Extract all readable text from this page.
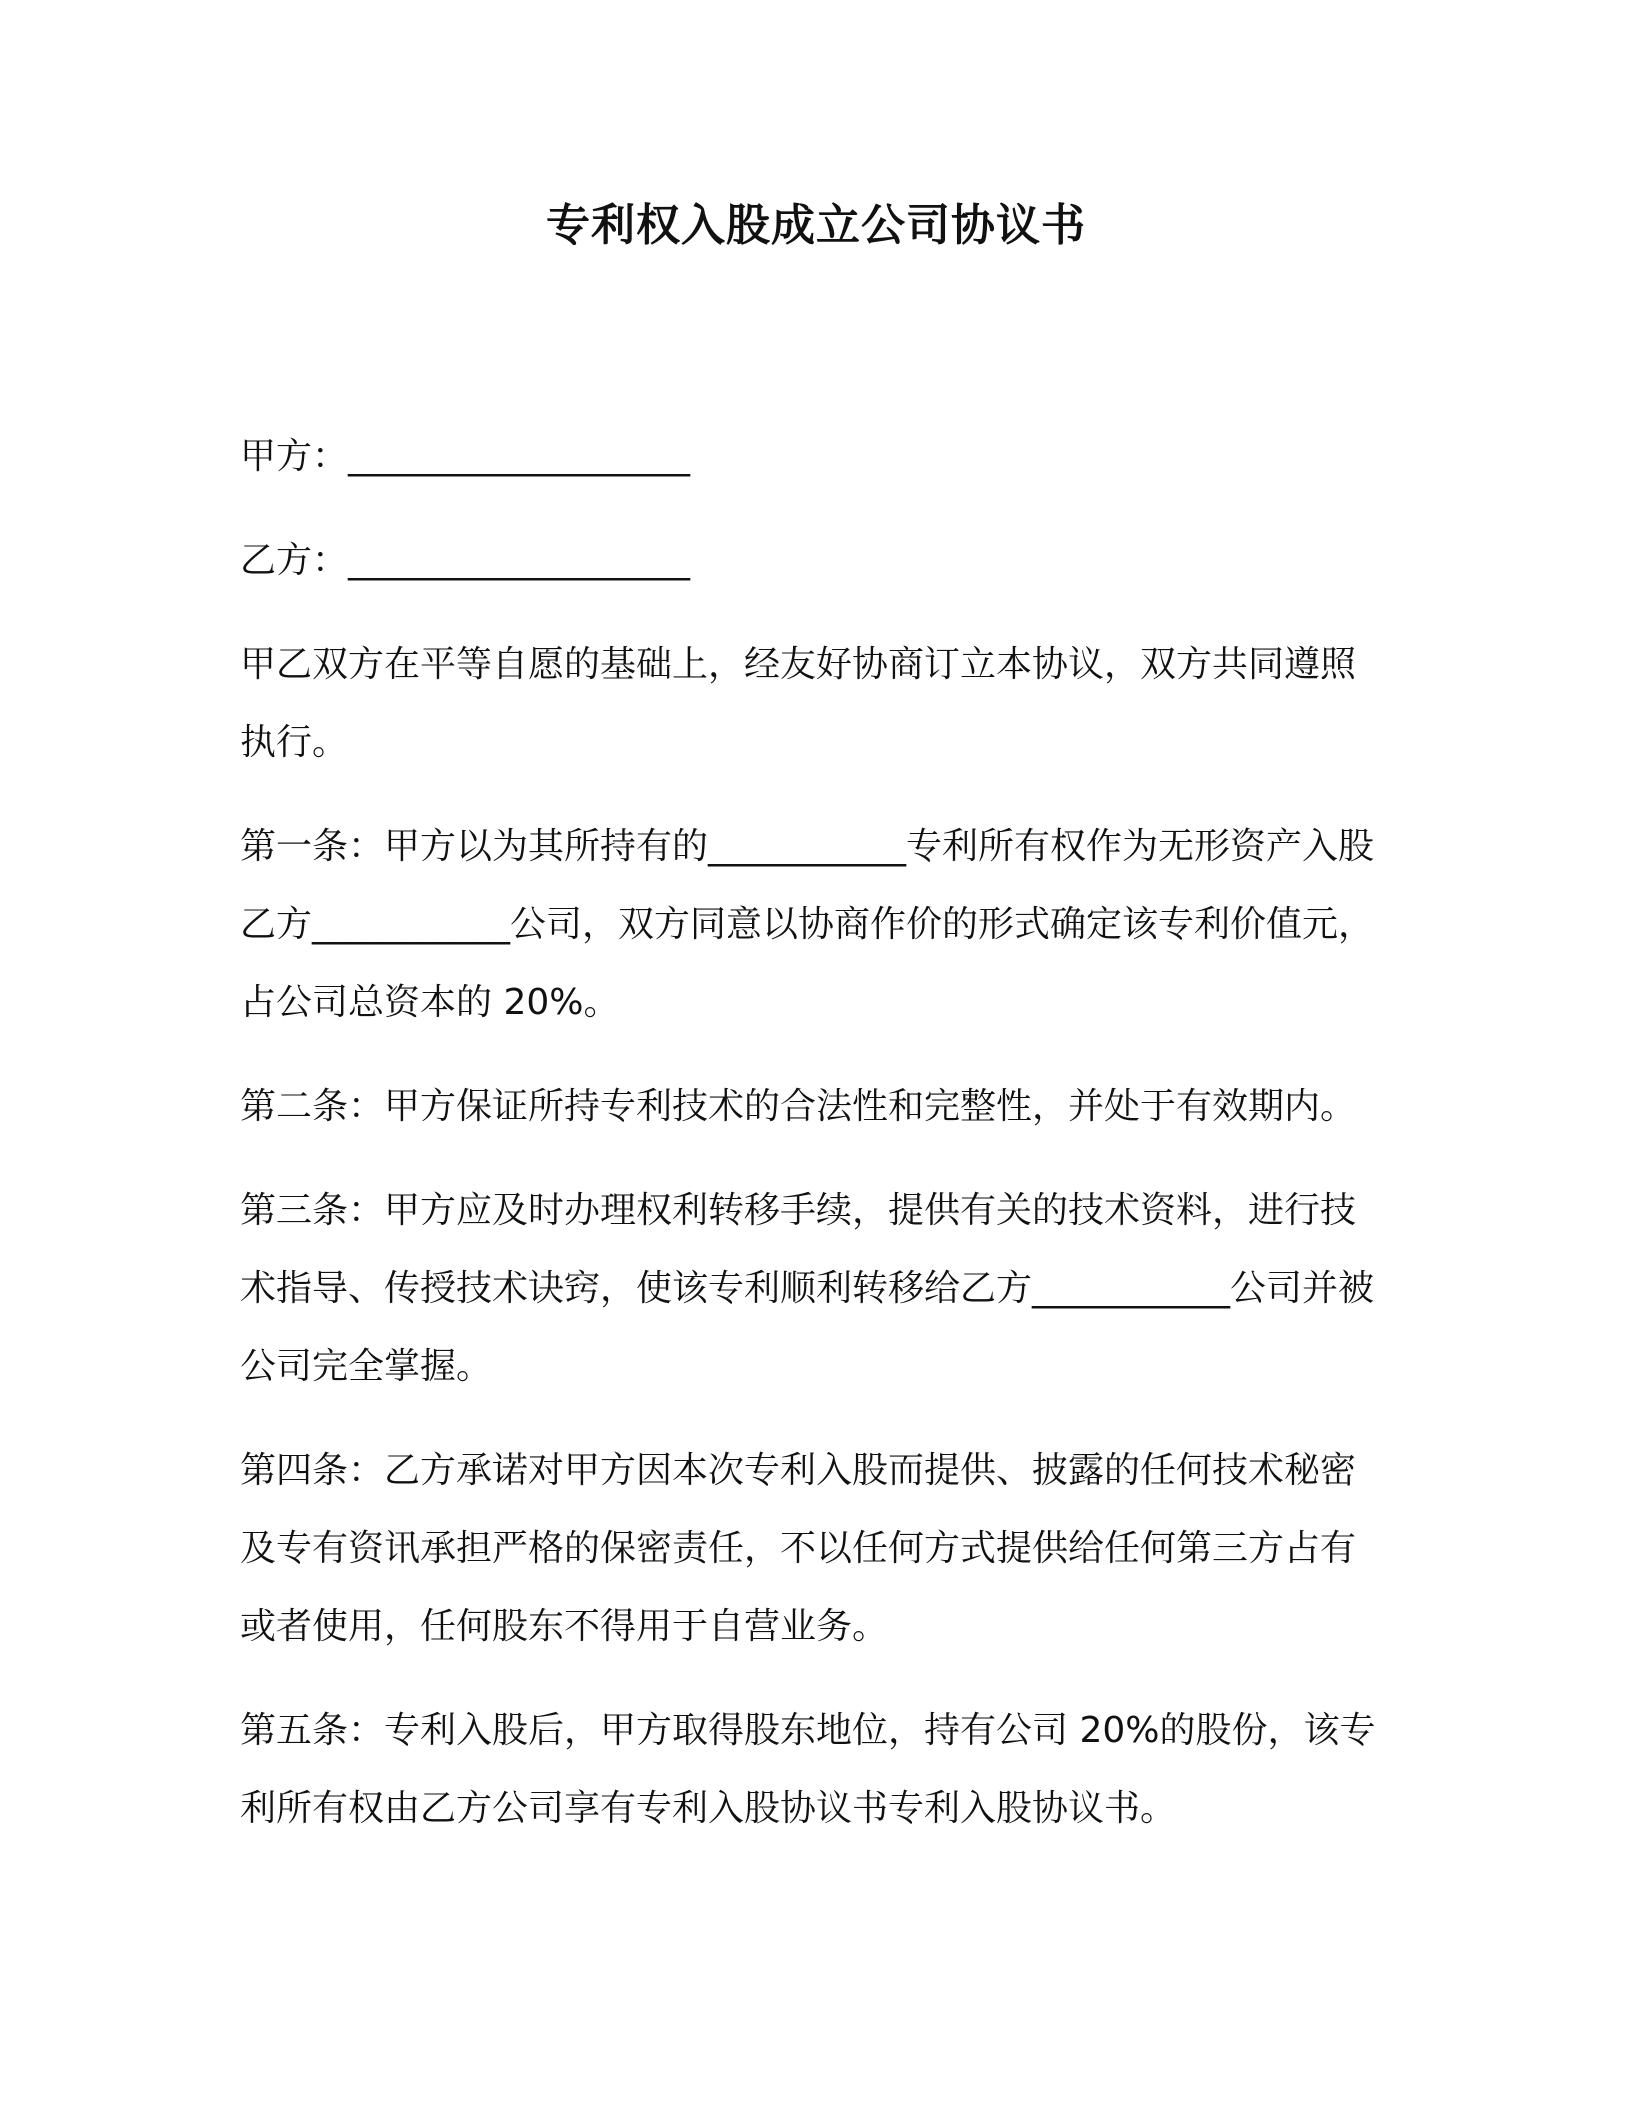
专利权入股成立公司协议书
甲方：___________________
乙方：___________________

甲乙双方在平等自愿的基础上，经友好协商订立本协议，双方共同遵照执行。

第一条：甲方以为其所持有的___________专利所有权作为无形资产入股乙方___________公司，双方同意以协商作价的形式确定该专利价值元，占公司总资本的 20%。

第二条：甲方保证所持专利技术的合法性和完整性，并处于有效期内。

第三条：甲方应及时办理权利转移手续，提供有关的技术资料，进行技术指导、传授技术诀窍，使该专利顺利转移给乙方___________公司并被公司完全掌握。

第四条：乙方承诺对甲方因本次专利入股而提供、披露的任何技术秘密及专有资讯承担严格的保密责任，不以任何方式提供给任何第三方占有或者使用，任何股东不得用于自营业务。

第五条：专利入股后，甲方取得股东地位，持有公司 20%的股份，该专利所有权由乙方公司享有专利入股协议书专利入股协议书。
